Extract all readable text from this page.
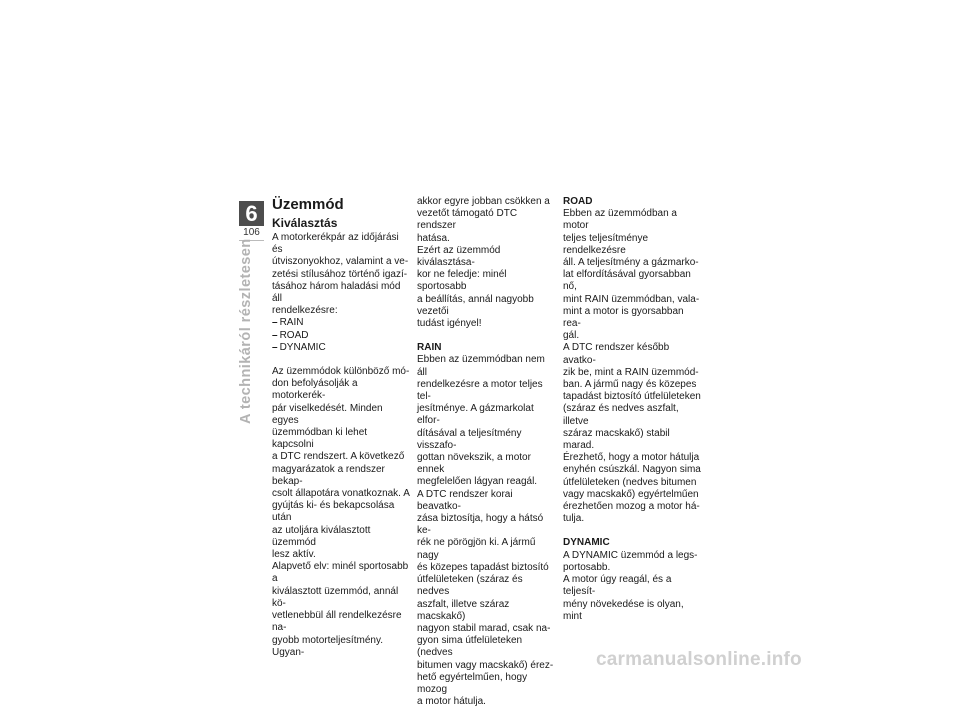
6
106
A technikáról részletesen
Üzemmód
Kiválasztás

A motorkerékpár az időjárási és
útviszonyokhoz, valamint a ve-
zetési stílusához történő igazí-
tásához három haladási mód áll
rendelkezésre:

– RAIN
– ROAD
– DYNAMIC

Az üzemmódok különböző mó-
don befolyásolják a motorkerék-
pár viselkedését. Minden egyes
üzemmódban ki lehet kapcsolni
a DTC rendszert. A következő
magyarázatok a rendszer bekap-
csolt állapotára vonatkoznak. A
gyújtás ki- és bekapcsolása után
az utoljára kiválasztott üzemmód
lesz aktív.

Alapvető elv: minél sportosabb a
kiválasztott üzemmód, annál kö-
vetlenebbül áll rendelkezésre na-
gyobb motorteljesítmény. Ugyan-

akkor egyre jobban csökken a
vezetőt támogató DTC rendszer
hatása.

Ezért az üzemmód kiválasztása-
kor ne feledje: minél sportosabb
a beállítás, annál nagyobb vezetői
tudást igényel!

RAIN

Ebben az üzemmódban nem áll
rendelkezésre a motor teljes tel-
jesítménye. A gázmarkolat elfor-
dításával a teljesítmény visszafo-
gottan növekszik, a motor ennek
megfelelően lágyan reagál.

A DTC rendszer korai beavatko-
zása biztosítja, hogy a hátsó ke-
rék ne pörögjön ki. A jármű nagy
és közepes tapadást biztosító
útfelületeken (száraz és nedves
aszfalt, illetve száraz macskakő)
nagyon stabil marad, csak na-
gyon sima útfelületeken (nedves
bitumen vagy macskakő) érez-
hető egyértelműen, hogy mozog
a motor hátulja.

ROAD

Ebben az üzemmódban a motor
teljes teljesítménye rendelkezésre
áll. A teljesítmény a gázmarko-
lat elfordításával gyorsabban nő,
mint RAIN üzemmódban, vala-
mint a motor is gyorsabban rea-
gál.

A DTC rendszer később avatko-
zik be, mint a RAIN üzemmód-
ban. A jármű nagy és közepes
tapadást biztosító útfelületeken
(száraz és nedves aszfalt, illetve
száraz macskakő) stabil marad.

Érezhető, hogy a motor hátulja
enyhén csúszkál. Nagyon sima
útfelületeken (nedves bitumen
vagy macskakő) egyértelműen
érezhetően mozog a motor há-
tulja.

DYNAMIC

A DYNAMIC üzemmód a legs-
portosabb.

A motor úgy reagál, és a teljesít-
mény növekedése is olyan, mint

carmanualsonline.info
